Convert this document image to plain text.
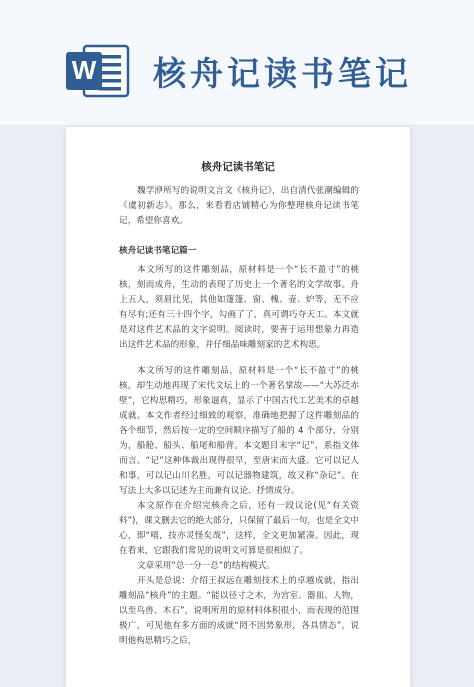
W 核舟记读书笔记
核舟记读书笔记

魏学洢所写的说明文言文《核舟记》，出自清代张潮编辑的《虞初新志》。那么，来看看店铺精心为你整理核舟记读书笔记，希望你喜欢。

核舟记读书笔记篇一

本文所写的这件雕刻品，原材料是一个“长不盈寸”的桃核，刻而成舟，生动的表现了历史上一个著名的文学故事。舟上五人，须眉比见，其他如篷篷、窗、槐、壶、炉等，无不应有尽有;还有三十四个字，勾画了了，真可谓巧夺天工。本文就是对这件艺术品的文字说明。阅读时，要善于运用想象力再造出这件艺术品的形象，并仔细品味雕刻家的艺术构思。

本文所写的这件雕刻品，原材料是一个“长不盈寸”的桃核，却生动地再现了宋代文坛上的一个著名掌故——“大苏泛赤壁”，它构思精巧，形象逼真，显示了中国古代工艺美术的卓越成就。本文作者经过细致的观察，准确地把握了这件雕刻品的各个细节，然后按一定的空间顺序描写了船的 4 个部分，分别为，船舱、船头、船尾和船背。本文题目末字“记”，系指文体而言。“记”这种体裁出现得很早，至唐宋而大盛。它可以记人和事，可以记山川名胜，可以记器物建筑，故又称“杂记”。在写法上大多以记述为主而兼有议论、抒情成分。

本文原作在介绍完核舟之后，还有一段议论(见“有关资料”)，课文删去它的绝大部分，只保留了最后一句，也是全文中心，即“嘻，技亦灵怪矣哉”，这样，全文更加紧凑。因此，现在看来，它跟我们常见的说明文可算是很相似了。

文章采用“总一分一总”的结构模式。

开头是总说：介绍王叔远在雕刻技术上的卓越成就，指出雕刻品“核舟”的主题。“能以径寸之木，为宫室、器皿、人物，以至鸟兽、木石”，说明所用的原材料体积很小，而表现的范围极广，可见他有多方面的成就“罔不因势象形，各具情态”，说明他构思精巧之后，
